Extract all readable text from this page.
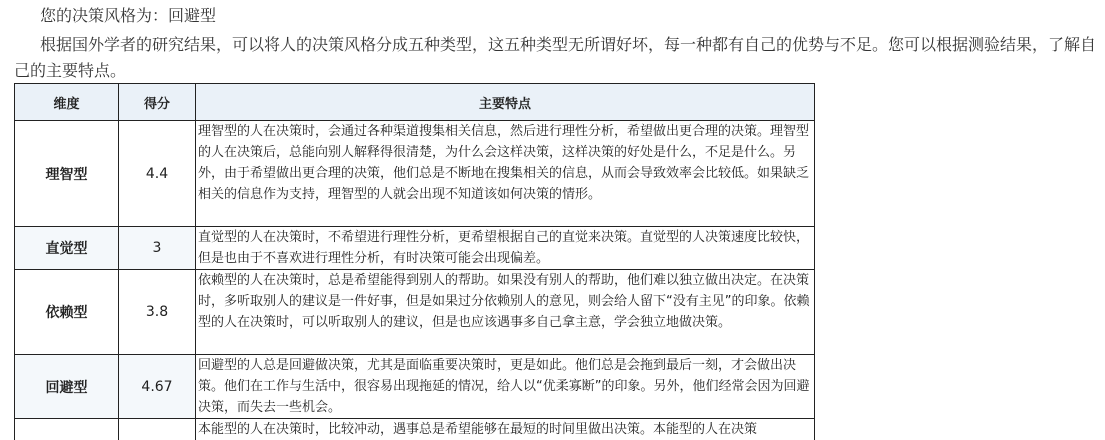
您的决策风格为：回避型
根据国外学者的研究结果，可以将人的决策风格分成五种类型，这五种类型无所谓好坏，每一种都有自己的优势与不足。您可以根据测验结果，了解自己的主要特点。
维度	得分	主要特点
理智型	4.4	理智型的人在决策时，会通过各种渠道搜集相关信息，然后进行理性分析，希望做出更合理的决策。理智型的人在决策后，总能向别人解释得很清楚，为什么会这样决策，这样决策的好处是什么，不足是什么。另外，由于希望做出更合理的决策，他们总是不断地在搜集相关的信息，从而会导致效率会比较低。如果缺乏相关的信息作为支持，理智型的人就会出现不知道该如何决策的情形。
直觉型	3	直觉型的人在决策时，不希望进行理性分析，更希望根据自己的直觉来决策。直觉型的人决策速度比较快，但是也由于不喜欢进行理性分析，有时决策可能会出现偏差。
依赖型	3.8	依赖型的人在决策时，总是希望能得到别人的帮助。如果没有别人的帮助，他们难以独立做出决定。在决策时，多听取别人的建议是一件好事，但是如果过分依赖别人的意见，则会给人留下“没有主见”的印象。依赖型的人在决策时，可以听取别人的建议，但是也应该遇事多自己拿主意，学会独立地做决策。
回避型	4.67	回避型的人总是回避做决策，尤其是面临重要决策时，更是如此。他们总是会拖到最后一刻，才会做出决策。他们在工作与生活中，很容易出现拖延的情况，给人以“优柔寡断”的印象。另外，他们经常会因为回避决策，而失去一些机会。
		本能型的人在决策时，比较冲动，遇事总是希望能够在最短的时间里做出决策。本能型的人在决策
